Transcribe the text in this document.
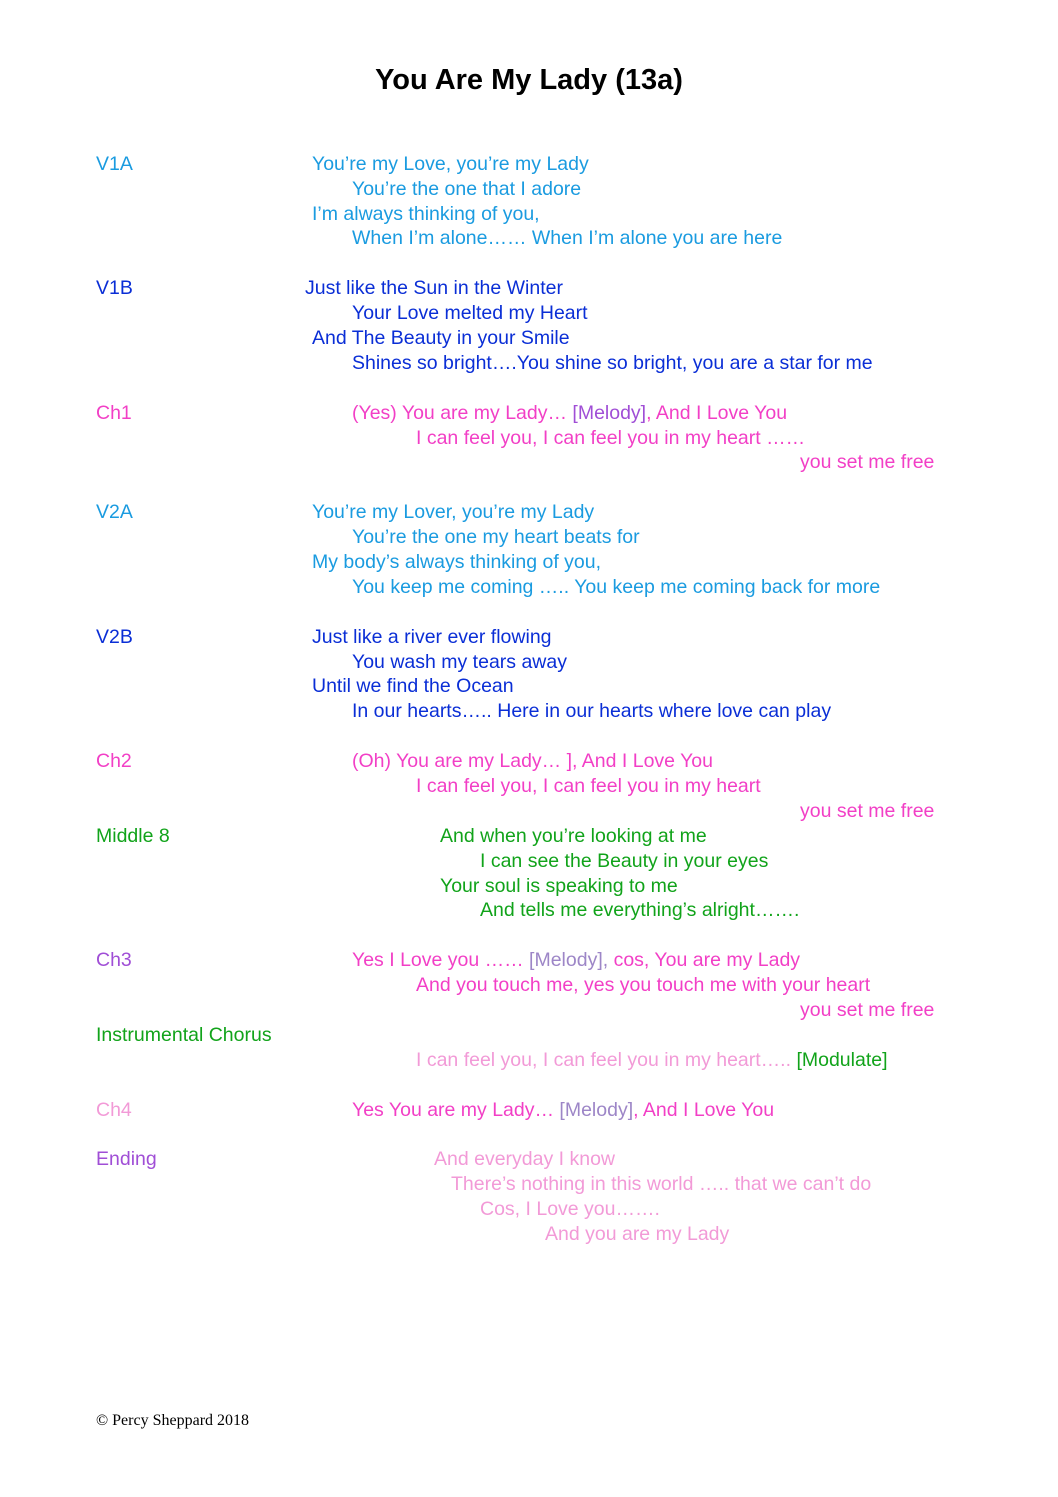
You Are My Lady (13a)
V1A	You’re my Love, you’re my Lady
You’re the one that I adore
I’m always thinking of you,
When I’m alone…… When I’m alone you are here
V1B	Just like the Sun in the Winter
Your Love melted my Heart
And The Beauty in your Smile
Shines so bright….You shine so bright, you are a star for me
Ch1	(Yes) You are my Lady… [Melody], And I Love You
I can feel you, I can feel you in my heart ……
you set me free
V2A	You’re my Lover, you’re my Lady
You’re the one my heart beats for
My body’s always thinking of you,
You keep me coming ….. You keep me coming back for more
V2B	Just like a river ever flowing
You wash my tears away
Until we find the Ocean
In our hearts….. Here in our hearts where love can play
Ch2	(Oh) You are my Lady… ], And I Love You
I can feel you, I can feel you in my heart
you set me free
Middle 8	And when you’re looking at me
I can see the Beauty in your eyes
Your soul is speaking to me
And tells me everything’s alright…….
Ch3	Yes I Love you …… [Melody], cos, You are my Lady
And you touch me, yes you touch me with your heart
you set me free
Instrumental Chorus
I can feel you, I can feel you in my heart….. [Modulate]
Ch4	Yes You are my Lady… [Melody], And I Love You
Ending	And everyday I know
There’s nothing in this world ….. that we can’t do
Cos, I Love you…….
And you are my Lady
© Percy Sheppard 2018
